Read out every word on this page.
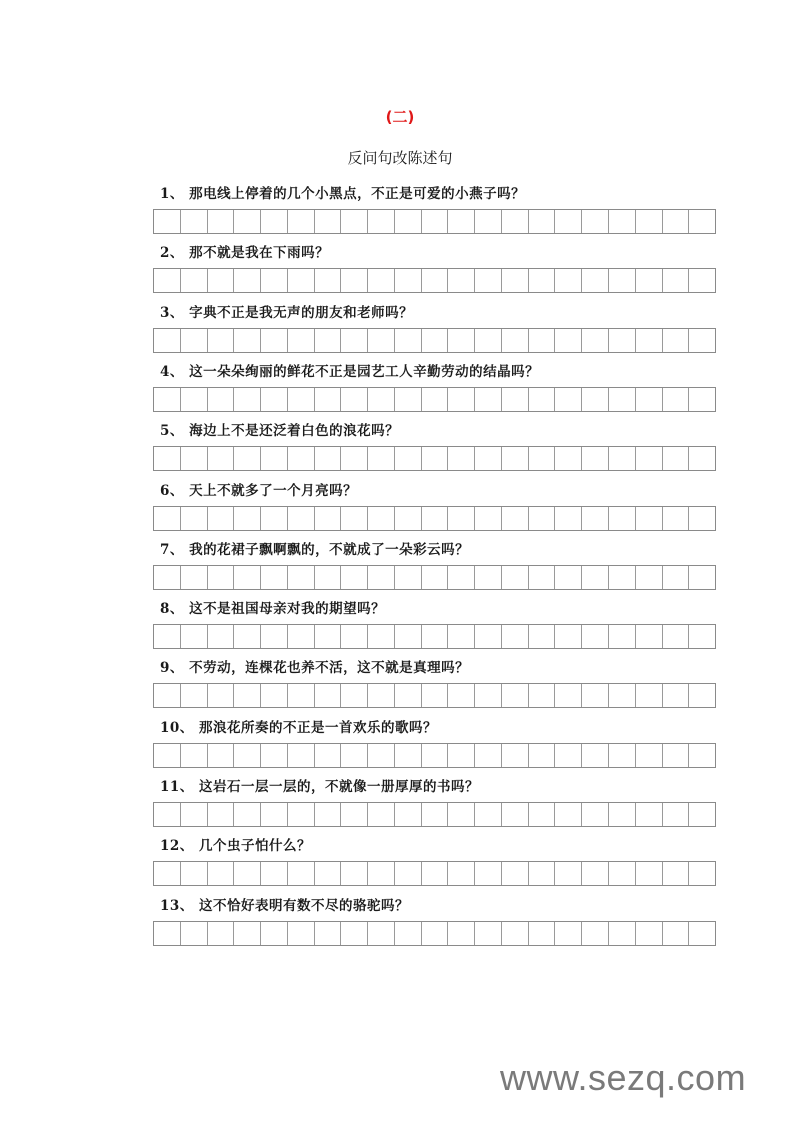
(二)
反问句改陈述句
1、 那电线上停着的几个小黑点，不正是可爱的小燕子吗？
2、 那不就是我在下雨吗？
3、 字典不正是我无声的朋友和老师吗？
4、 这一朵朵绚丽的鲜花不正是园艺工人辛勤劳动的结晶吗？
5、 海边上不是还泛着白色的浪花吗？
6、 天上不就多了一个月亮吗？
7、 我的花裙子飘啊飘的，不就成了一朵彩云吗？
8、 这不是祖国母亲对我的期望吗？
9、 不劳动，连棵花也养不活，这不就是真理吗？
10、 那浪花所奏的不正是一首欢乐的歌吗？
11、 这岩石一层一层的，不就像一册厚厚的书吗？
12、 几个虫子怕什么？
13、 这不恰好表明有数不尽的骆驼吗？
www.sezq.com
